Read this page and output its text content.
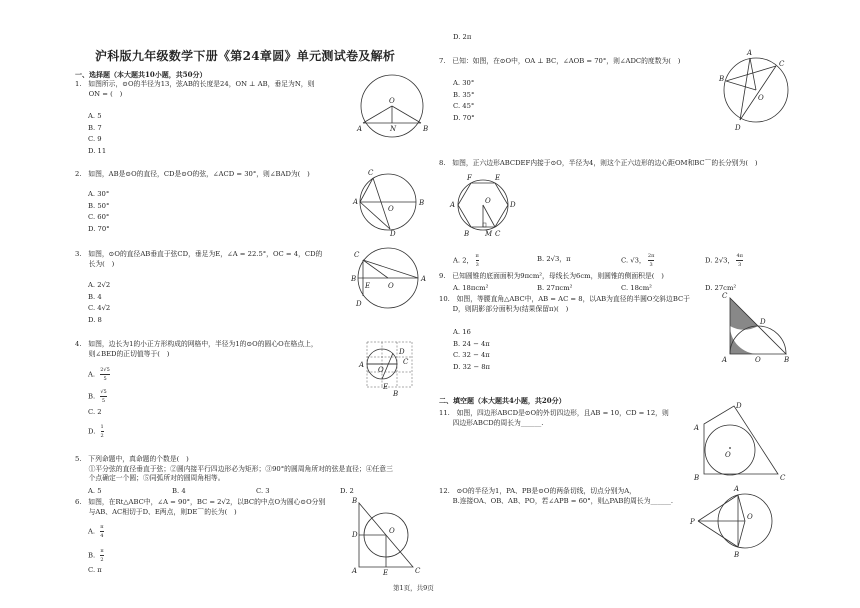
沪科版九年级数学下册《第24章圆》单元测试卷及解析
一、选择题（本大题共10小题，共50分）
1.　如图所示，⊙O的半径为13，弦AB的长度是24，ON ⊥ AB，垂足为N，则
　　ON = (　)
A. 5
B. 7
C. 9
D. 11
O
A	N	B
2.　如图，AB是⊙O的直径，CD是⊙O的弦，∠ACD = 30°，则∠BAD为(　)
A. 30°
B. 50°
C. 60°
D. 70°
C
D
A
O
B
3.　如图，⊙O的直径AB垂直于弦CD，垂足为E，∠A = 22.5°，OC = 4，CD的
　　长为(　)
A. 2√2
B. 4
C. 4√2
D. 8
C
B
E	O
A
D
4.　如图，边长为1的小正方形构成的网格中，半径为1的⊙O的圆心O在格点上，
　　则∠BED的正切值等于(　)
A. $\frac{2√5}{5}$
B. $\frac{√5}{5}$
C. 2
D. $\frac{1}{2}$
D
C
A
O
E
B
5.　下列命题中，真命题的个数是(　)
　　①平分弦的直径垂直于弦；②圆内接平行四边形必为矩形；③90°的圆周角所对的弦是直径；④任意三
　　个点确定一个圆；⑤同弧所对的圆周角相等。
A. 5	B. 4	C. 3	D. 2
6.　如图，在Rt△ABC中，∠A = 90°，BC = 2√2，以BC的中点O为圆心⊙O分别
　　与AB、AC相切于D、E两点，则DE⌒的长为(　)
A. $\frac{\pi}{4}$
B. $\frac{\pi}{2}$
C. π
D. 2π
B
D	O
A	E	C
7.　已知：如图，在⊙O中，OA ⊥ BC，∠AOB = 70°，则∠ADC的度数为(　)
A. 30°
B. 35°
C. 45°
D. 70°
A
B
O
C
D
8.　如图，正六边形ABCDEF内接于⊙O，半径为4，则这个正六边形的边心距OM和BC⌒的长分别为(　)
F	E
A	D
B	C
O
M
A. 2， $\frac{\pi}{3}$	B. 2√3，π	C. √3， $\frac{2\pi}{3}$	D. 2√3， $\frac{4\pi}{3}$
9.　已知圆锥的底面面积为9πcm²，母线长为6cm，则圆锥的侧面积是(　)
A. 18πcm²	B. 27πcm²	C. 18cm²	D. 27cm²
10.　如图，等腰直角△ABC中，AB = AC = 8，以AB为直径的半圆O交斜边BC于
　　D，则阴影部分面积为(结果保留π)(　)
A. 16
B. 24 − 4π
C. 32 − 4π
D. 32 − 8π
C
D
A	O	B
二、填空题（本大题共4小题，共20分）
11.　如图，四边形ABCD是⊙O的外切四边形，且AB = 10，CD = 12，则
　　四边形ABCD的周长为______.
D
A
C
O
B
12.　⊙O的半径为1，PA、PB是⊙O的两条切线，切点分别为A，
　　B.连接OA、OB、AB、PO，若∠APB = 60°，则△PAB的周长为______.
A
P
O
B
第1页，共9页
